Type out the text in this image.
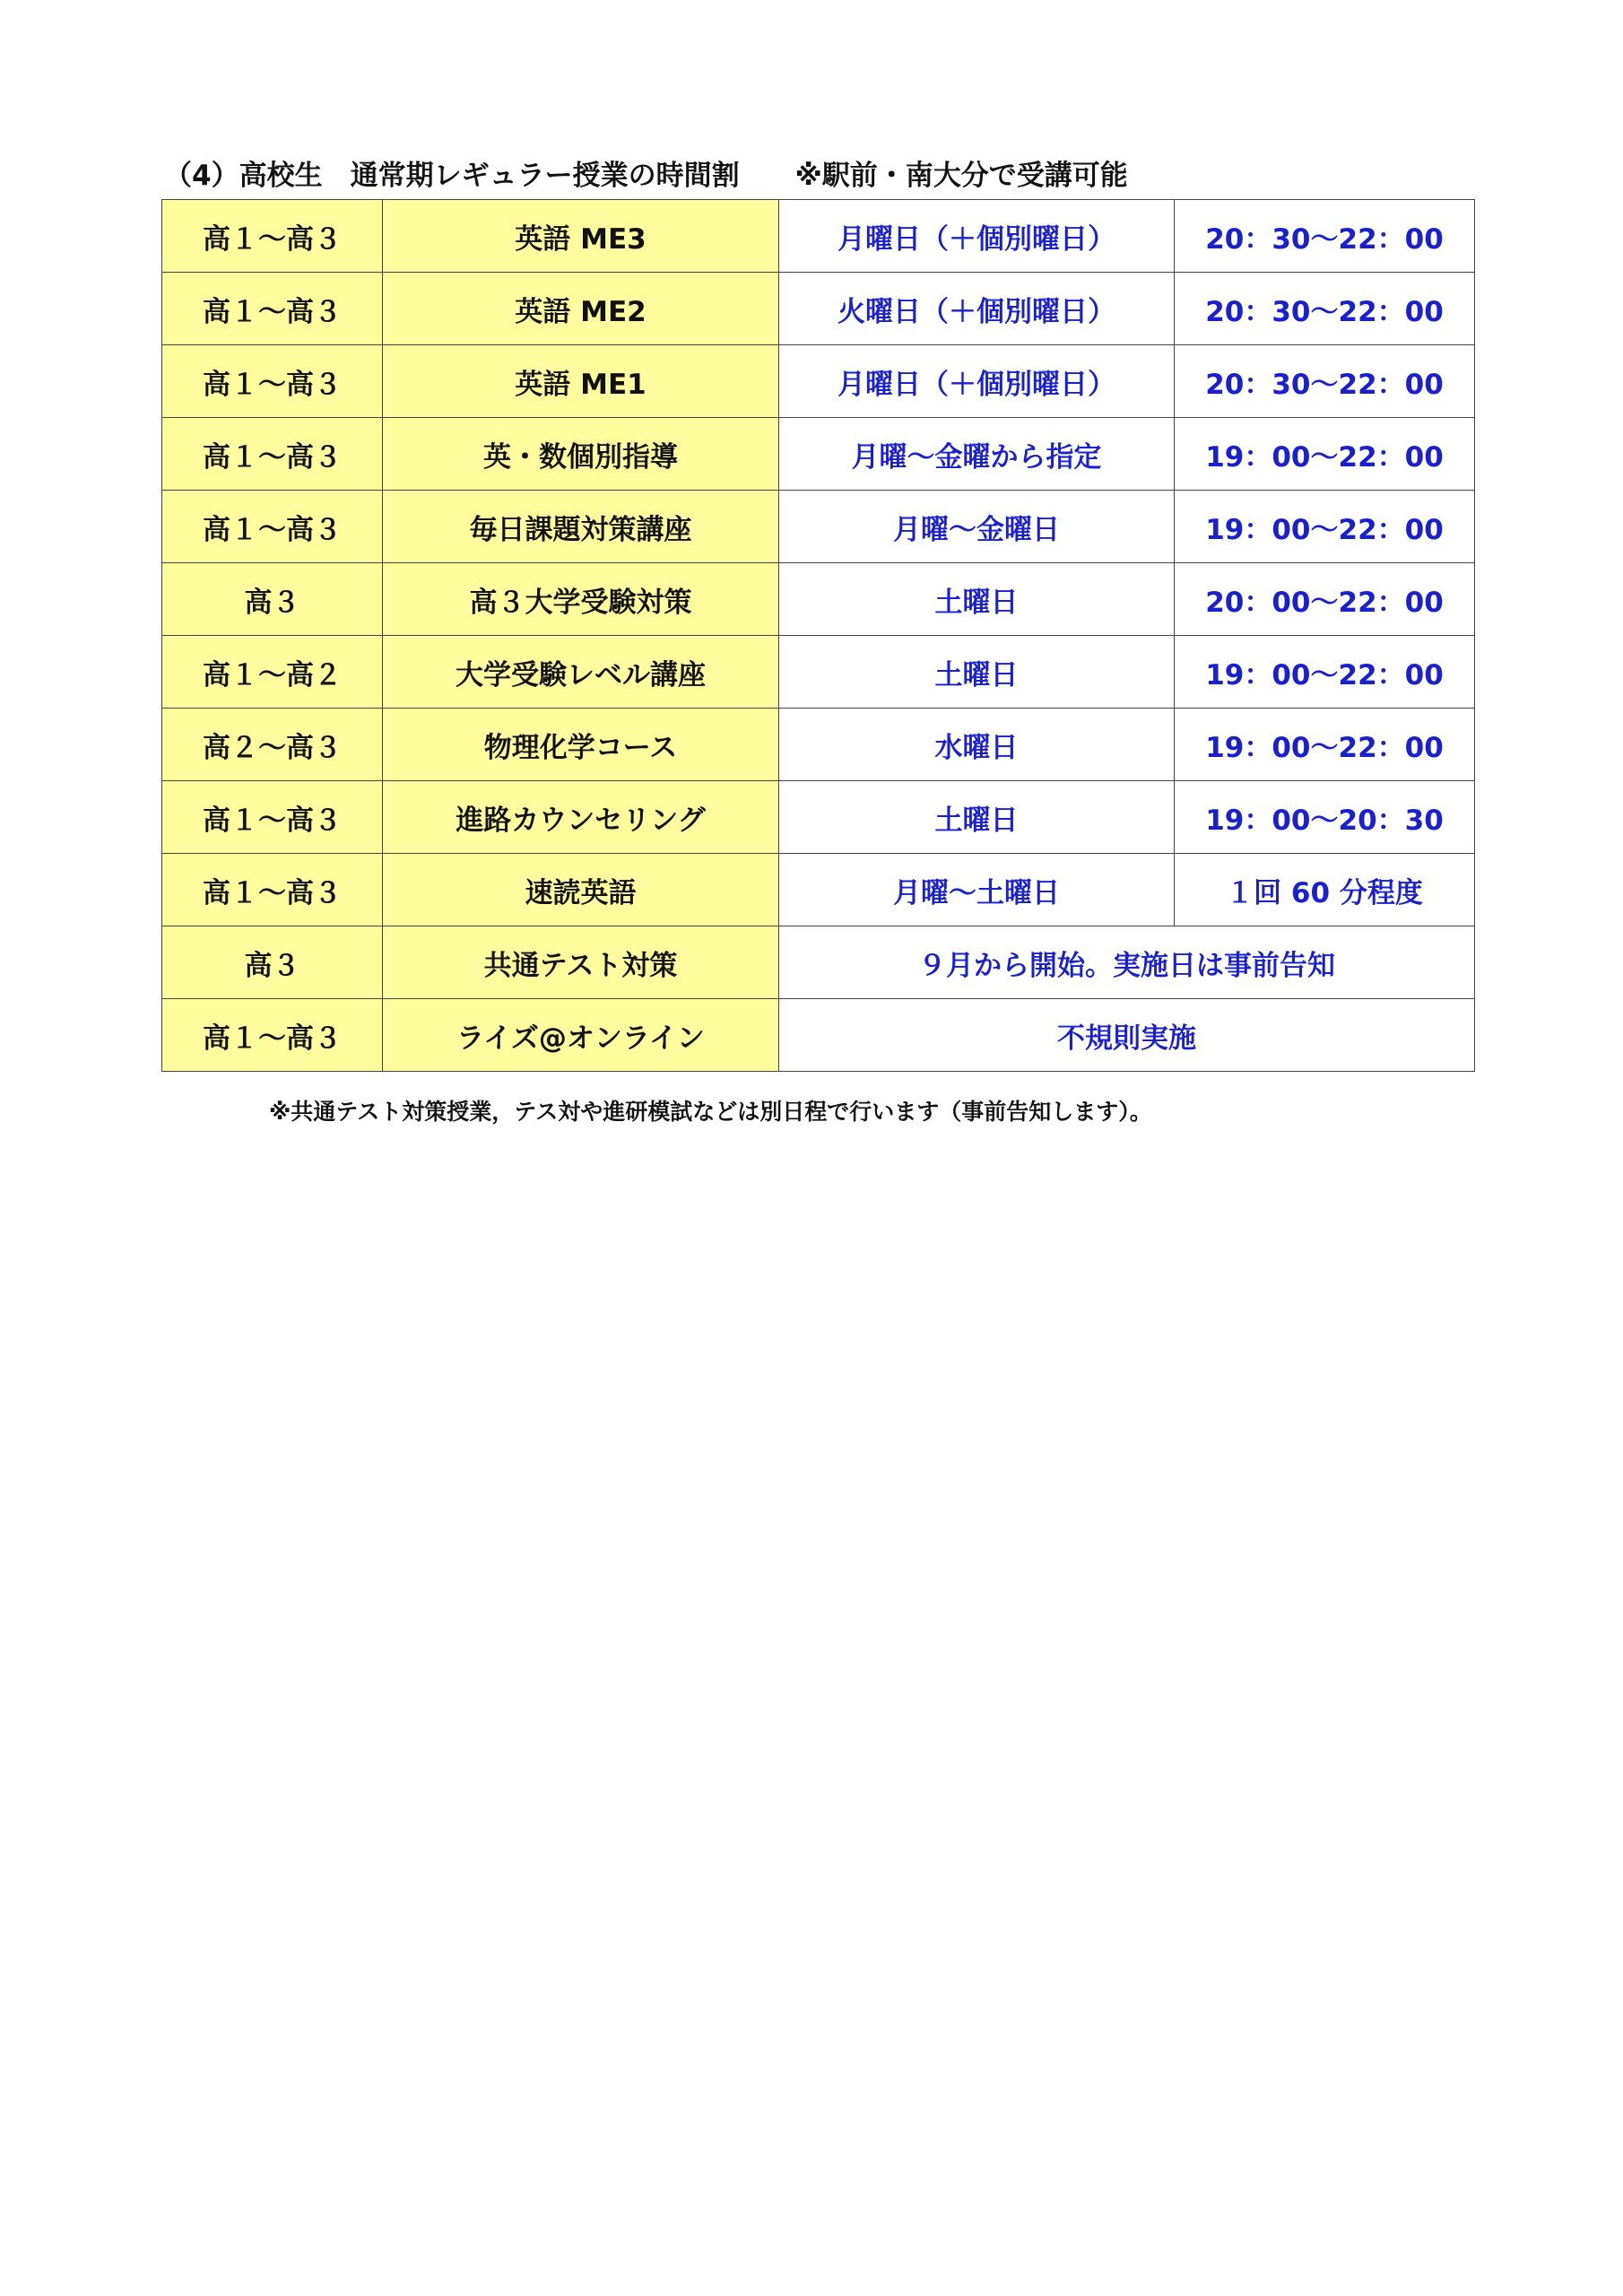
（4）高校生　通常期レギュラー授業の時間割　　※駅前・南大分で受講可能
高１～高３	英語 ME3	月曜日（＋個別曜日）	20：30～22：00
高１～高３	英語 ME2	火曜日（＋個別曜日）	20：30～22：00
高１～高３	英語 ME1	月曜日（＋個別曜日）	20：30～22：00
高１～高３	英・数個別指導	月曜～金曜から指定	19：00～22：00
高１～高３	毎日課題対策講座	月曜～金曜日	19：00～22：00
高３	高３大学受験対策	土曜日	20：00～22：00
高１～高２	大学受験レベル講座	土曜日	19：00～22：00
高２～高３	物理化学コース	水曜日	19：00～22：00
高１～高３	進路カウンセリング	土曜日	19：00～20：30
高１～高３	速読英語	月曜～土曜日	１回 60 分程度
高３	共通テスト対策	９月から開始。実施日は事前告知	
高１～高３	ライズ@オンライン	不規則実施	
※共通テスト対策授業，テス対や進研模試などは別日程で行います（事前告知します）。
